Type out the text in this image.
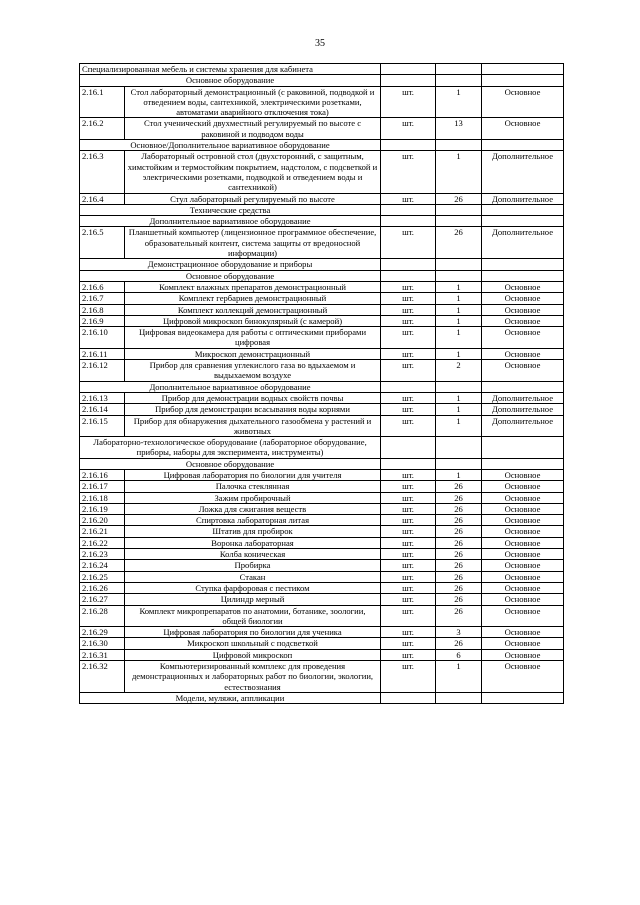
35
Специализированная мебель и системы хранения для кабинета				
Основное оборудование				
2.16.1	Стол лабораторный демонстрационный (с раковиной, подводкой и отведением воды, сантехникой, электрическими розетками, автоматами аварийного отключения тока)	шт.	1	Основное
2.16.2	Стол ученический двухместный регулируемый по высоте с раковиной и подводом воды	шт.	13	Основное
Основное/Дополнительное вариативное оборудование				
2.16.3	Лабораторный островной стол (двухсторонний, с защитным, химстойким и термостойким покрытием, надстолом, с подсветкой и электрическими розетками, подводкой и отведением воды и сантехникой)	шт.	1	Дополнительное
2.16.4	Стул лабораторный регулируемый по высоте	шт.	26	Дополнительное
Технические средства				
Дополнительное вариативное оборудование				
2.16.5	Планшетный компьютер (лицензионное программное обеспечение, образовательный контент, система защиты от вредоносной информации)	шт.	26	Дополнительное
Демонстрационное оборудование и приборы				
Основное оборудование				
2.16.6	Комплект влажных препаратов демонстрационный	шт.	1	Основное
2.16.7	Комплект гербариев демонстрационный	шт.	1	Основное
2.16.8	Комплект коллекций демонстрационный	шт.	1	Основное
2.16.9	Цифровой микроскоп бинокулярный (с камерой)	шт.	1	Основное
2.16.10	Цифровая видеокамера для работы с оптическими приборами цифровая	шт.	1	Основное
2.16.11	Микроскоп демонстрационный	шт.	1	Основное
2.16.12	Прибор для сравнения углекислого газа во вдыхаемом и выдыхаемом воздухе	шт.	2	Основное
Дополнительное вариативное оборудование				
2.16.13	Прибор для демонстрации водных свойств почвы	шт.	1	Дополнительное
2.16.14	Прибор для демонстрации всасывания воды корнями	шт.	1	Дополнительное
2.16.15	Прибор для обнаружения дыхательного газообмена у растений и животных	шт.	1	Дополнительное
Лабораторно-технологическое оборудование (лабораторное оборудование, приборы, наборы для эксперимента, инструменты)				
Основное оборудование				
2.16.16	Цифровая лаборатория по биологии для учителя	шт.	1	Основное
2.16.17	Палочка стеклянная	шт.	26	Основное
2.16.18	Зажим пробирочный	шт.	26	Основное
2.16.19	Ложка для сжигания веществ	шт.	26	Основное
2.16.20	Спиртовка лабораторная литая	шт.	26	Основное
2.16.21	Штатив для пробирок	шт.	26	Основное
2.16.22	Воронка лабораторная	шт.	26	Основное
2.16.23	Колба коническая	шт.	26	Основное
2.16.24	Пробирка	шт.	26	Основное
2.16.25	Стакан	шт.	26	Основное
2.16.26	Ступка фарфоровая с пестиком	шт.	26	Основное
2.16.27	Цилиндр мерный	шт.	26	Основное
2.16.28	Комплект микропрепаратов по анатомии, ботанике, зоологии, общей биологии	шт.	26	Основное
2.16.29	Цифровая лаборатория по биологии для ученика	шт.	3	Основное
2.16.30	Микроскоп школьный с подсветкой	шт.	26	Основное
2.16.31	Цифровой микроскоп	шт.	6	Основное
2.16.32	Компьютеризированный комплекс для проведения демонстрационных и лабораторных работ по биологии, экологии, естествознания	шт.	1	Основное
Модели, муляжи, аппликации				
